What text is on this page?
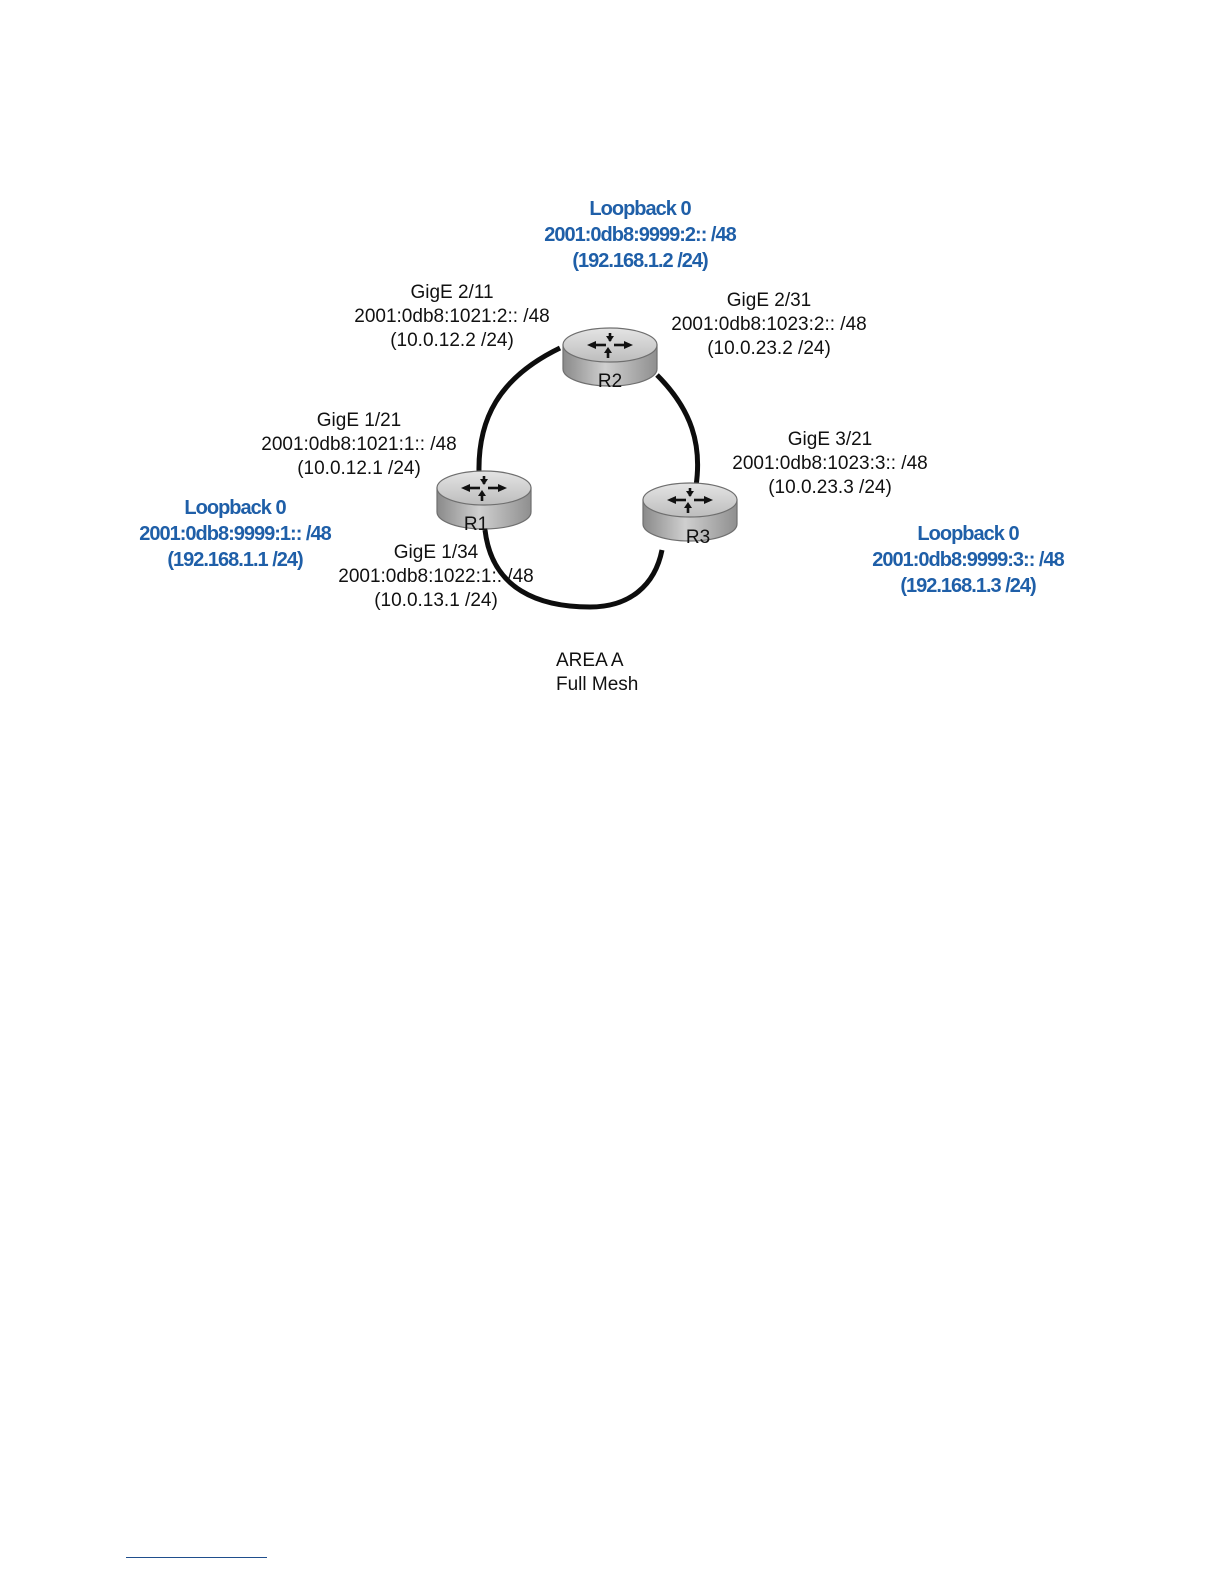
R2
R1
R3
Loopback 0
2001:0db8:9999:2:: /48
(192.168.1.2 /24)
Loopback 0
2001:0db8:9999:1:: /48
(192.168.1.1 /24)
Loopback 0
2001:0db8:9999:3:: /48
(192.168.1.3 /24)
GigE 2/11
2001:0db8:1021:2:: /48
(10.0.12.2 /24)
GigE 2/31
2001:0db8:1023:2:: /48
(10.0.23.2 /24)
GigE 1/21
2001:0db8:1021:1:: /48
(10.0.12.1 /24)
GigE 3/21
2001:0db8:1023:3:: /48
(10.0.23.3 /24)
GigE 1/34
2001:0db8:1022:1:: /48
(10.0.13.1 /24)
AREA A
Full Mesh
